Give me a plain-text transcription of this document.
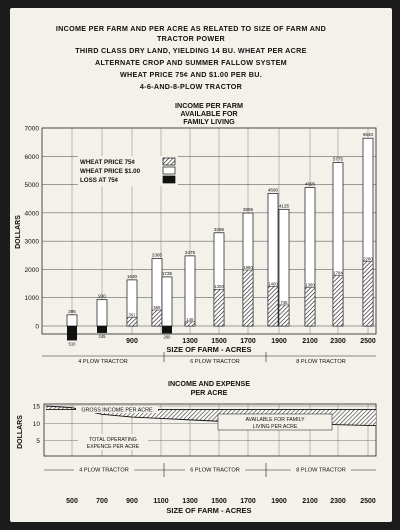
INCOME PER FARM AND PER ACRE AS RELATED TO SIZE OF FARM AND
TRACTOR POWER
THIRD CLASS DRY LAND, YIELDING 14 BU. WHEAT PER ACRE
ALTERNATE CROP AND SUMMER FALLOW SYSTEM
WHEAT PRICE 75¢ AND $1.00 PER BU.
4-6-AND-8-PLOW TRACTOR
INCOME PER FARM
AVAILABLE FOR
FAMILY LIVING
0
1000
2000
3000
4000
5000
6000
7000
DOLLARS
395
510
930
245
1630
301
2385
565
1735
260
2479
146
3295
1300
3995
1980
4690
1400
4125
745
4895
1360
5775
1784
6640
2280
900	1300 1500 1700 1900 2100 2300 2500
SIZE OF FARM - ACRES
4 PLOW TRACTOR	6 PLOW TRACTOR	8 PLOW TRACTOR
WHEAT PRICE 75¢
WHEAT PRICE $1.00
LOSS AT 75¢
INCOME AND EXPENSE
PER ACRE
5
10
15
DOLLARS
GROSS INCOME PER ACRE
AVAILABLE FOR FAMILY
LIVING PER ACRE
TOTAL OPERATING
EXPENCE PER ACRE
4 PLOW TRACTOR	6 PLOW TRACTOR	8 PLOW TRACTOR
500	700	900 1100 1300 1500 1700 1900 2100 2300 2500
SIZE OF FARM - ACRES
